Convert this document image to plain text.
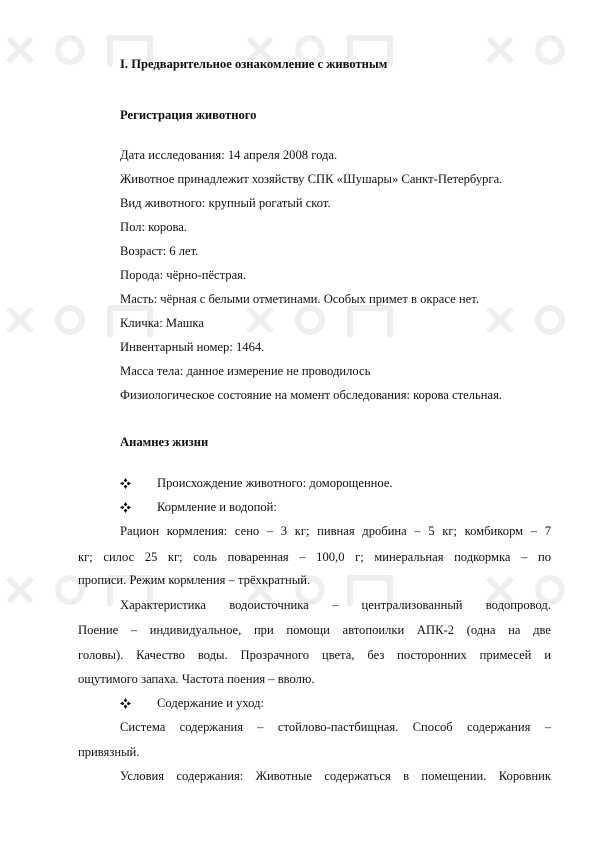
I. Предварительное ознакомление с животным
Регистрация животного
Дата исследования: 14 апреля 2008 года.
Животное принадлежит хозяйству СПК «Шушары» Санкт-Петербурга.
Вид животного: крупный рогатый скот.
Пол: корова.
Возраст: 6 лет.
Порода: чёрно-пёстрая.
Масть: чёрная с белыми отметинами. Особых примет в окрасе нет.
Кличка: Машка
Инвентарный номер: 1464.
Масса тела: данное измерение не проводилось
Физиологическое состояние на момент обследования: корова стельная.
Анамнез жизни
Происхождение животного: доморощенное.
Кормление и водопой:
Рацион кормления: сено – 3 кг; пивная дробина – 5 кг; комбикорм – 7
кг; силос 25 кг; соль поваренная – 100,0 г; минеральная подкормка – по
прописи. Режим кормления – трёхкратный.
Характеристика водоисточника – централизованный водопровод.
Поение – индивидуальное, при помощи автопоилки АПК-2 (одна на две
головы). Качество воды. Прозрачного цвета, без посторонних примесей и
ощутимого запаха. Частота поения – вволю.
Содержание и уход:
Система содержания – стойлово-пастбищная. Способ содержания –
привязный.
Условия содержания: Животные содержаться в помещении. Коровник
